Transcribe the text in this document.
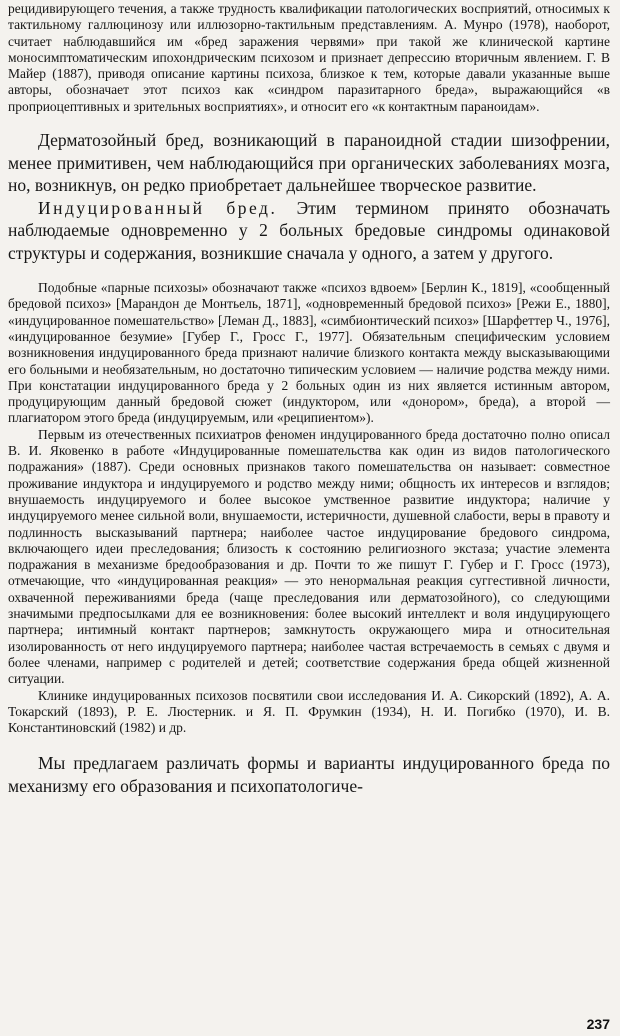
рецидивирующего течения, а также трудность квалификации патологических восприятий, относимых к тактильному галлюцинозу или иллюзорно-тактильным представлениям. А. Мунро (1978), наоборот, считает наблюдавшийся им «бред заражения червями» при такой же клинической картине моносимптоматическим ипохондрическим психозом и признает депрессию вторичным явлением. Г. В Майер (1887), приводя описание картины психоза, близкое к тем, которые давали указанные выше авторы, обозначает этот психоз как «синдром паразитарного бреда», выражающийся «в проприоцептивных и зрительных восприятиях», и относит его «к контактным параноидам».

Дерматозойный бред, возникающий в параноидной стадии шизофрении, менее примитивен, чем наблюдающийся при органических заболеваниях мозга, но, возникнув, он редко приобретает дальнейшее творческое развитие.

Индуцированный бред. Этим термином принято обозначать наблюдаемые одновременно у 2 больных бредовые синдромы одинаковой структуры и содержания, возникшие сначала у одного, а затем у другого.

Подобные «парные психозы» обозначают также «психоз вдвоем» [Берлин К., 1819], «сообщенный бредовой психоз» [Марандон де Монтьель, 1871], «одновременный бредовой психоз» [Режи Е., 1880], «индуцированное помешательство» [Леман Д., 1883], «симбионтический психоз» [Шарфеттер Ч., 1976], «индуцированное безумие» [Губер Г., Гросс Г., 1977]. Обязательным специфическим условием возникновения индуцированного бреда признают наличие близкого контакта между высказывающими его больными и необязательным, но достаточно типическим условием — наличие родства между ними. При констатации индуцированного бреда у 2 больных один из них является истинным автором, продуцирующим данный бредовой сюжет (индуктором, или «донором», бреда), а второй — плагиатором этого бреда (индуцируемым, или «реципиентом»).

Первым из отечественных психиатров феномен индуцированного бреда достаточно полно описал В. И. Яковенко в работе «Индуцированные помешательства как один из видов патологического подражания» (1887). Среди основных признаков такого помешательства он называет: совместное проживание индуктора и индуцируемого и родство между ними; общность их интересов и взглядов; внушаемость индуцируемого и более высокое умственное развитие индуктора; наличие у индуцируемого менее сильной воли, внушаемости, истеричности, душевной слабости, веры в правоту и подлинность высказываний партнера; наиболее частое индуцирование бредового синдрома, включающего идеи преследования; близость к состоянию религиозного экстаза; участие элемента подражания в механизме бредообразования и др. Почти то же пишут Г. Губер и Г. Гросс (1973), отмечающие, что «индуцированная реакция» — это ненормальная реакция суггестивной личности, охваченной переживаниями бреда (чаще преследования или дерматозойного), со следующими значимыми предпосылками для ее возникновения: более высокий интеллект и воля индуцирующего партнера; интимный контакт партнеров; замкнутость окружающего мира и относительная изолированность от него индуцируемого партнера; наиболее частая встречаемость в семьях с двумя и более членами, например с родителей и детей; соответствие содержания бреда общей жизненной ситуации.

Клинике индуцированных психозов посвятили свои исследования И. А. Сикорский (1892), А. А. Токарский (1893), Р. Е. Люстерник. и Я. П. Фрумкин (1934), Н. И. Погибко (1970), И. В. Константиновский (1982) и др.

Мы предлагаем различать формы и варианты индуцированного бреда по механизму его образования и психопатологиче-

237
